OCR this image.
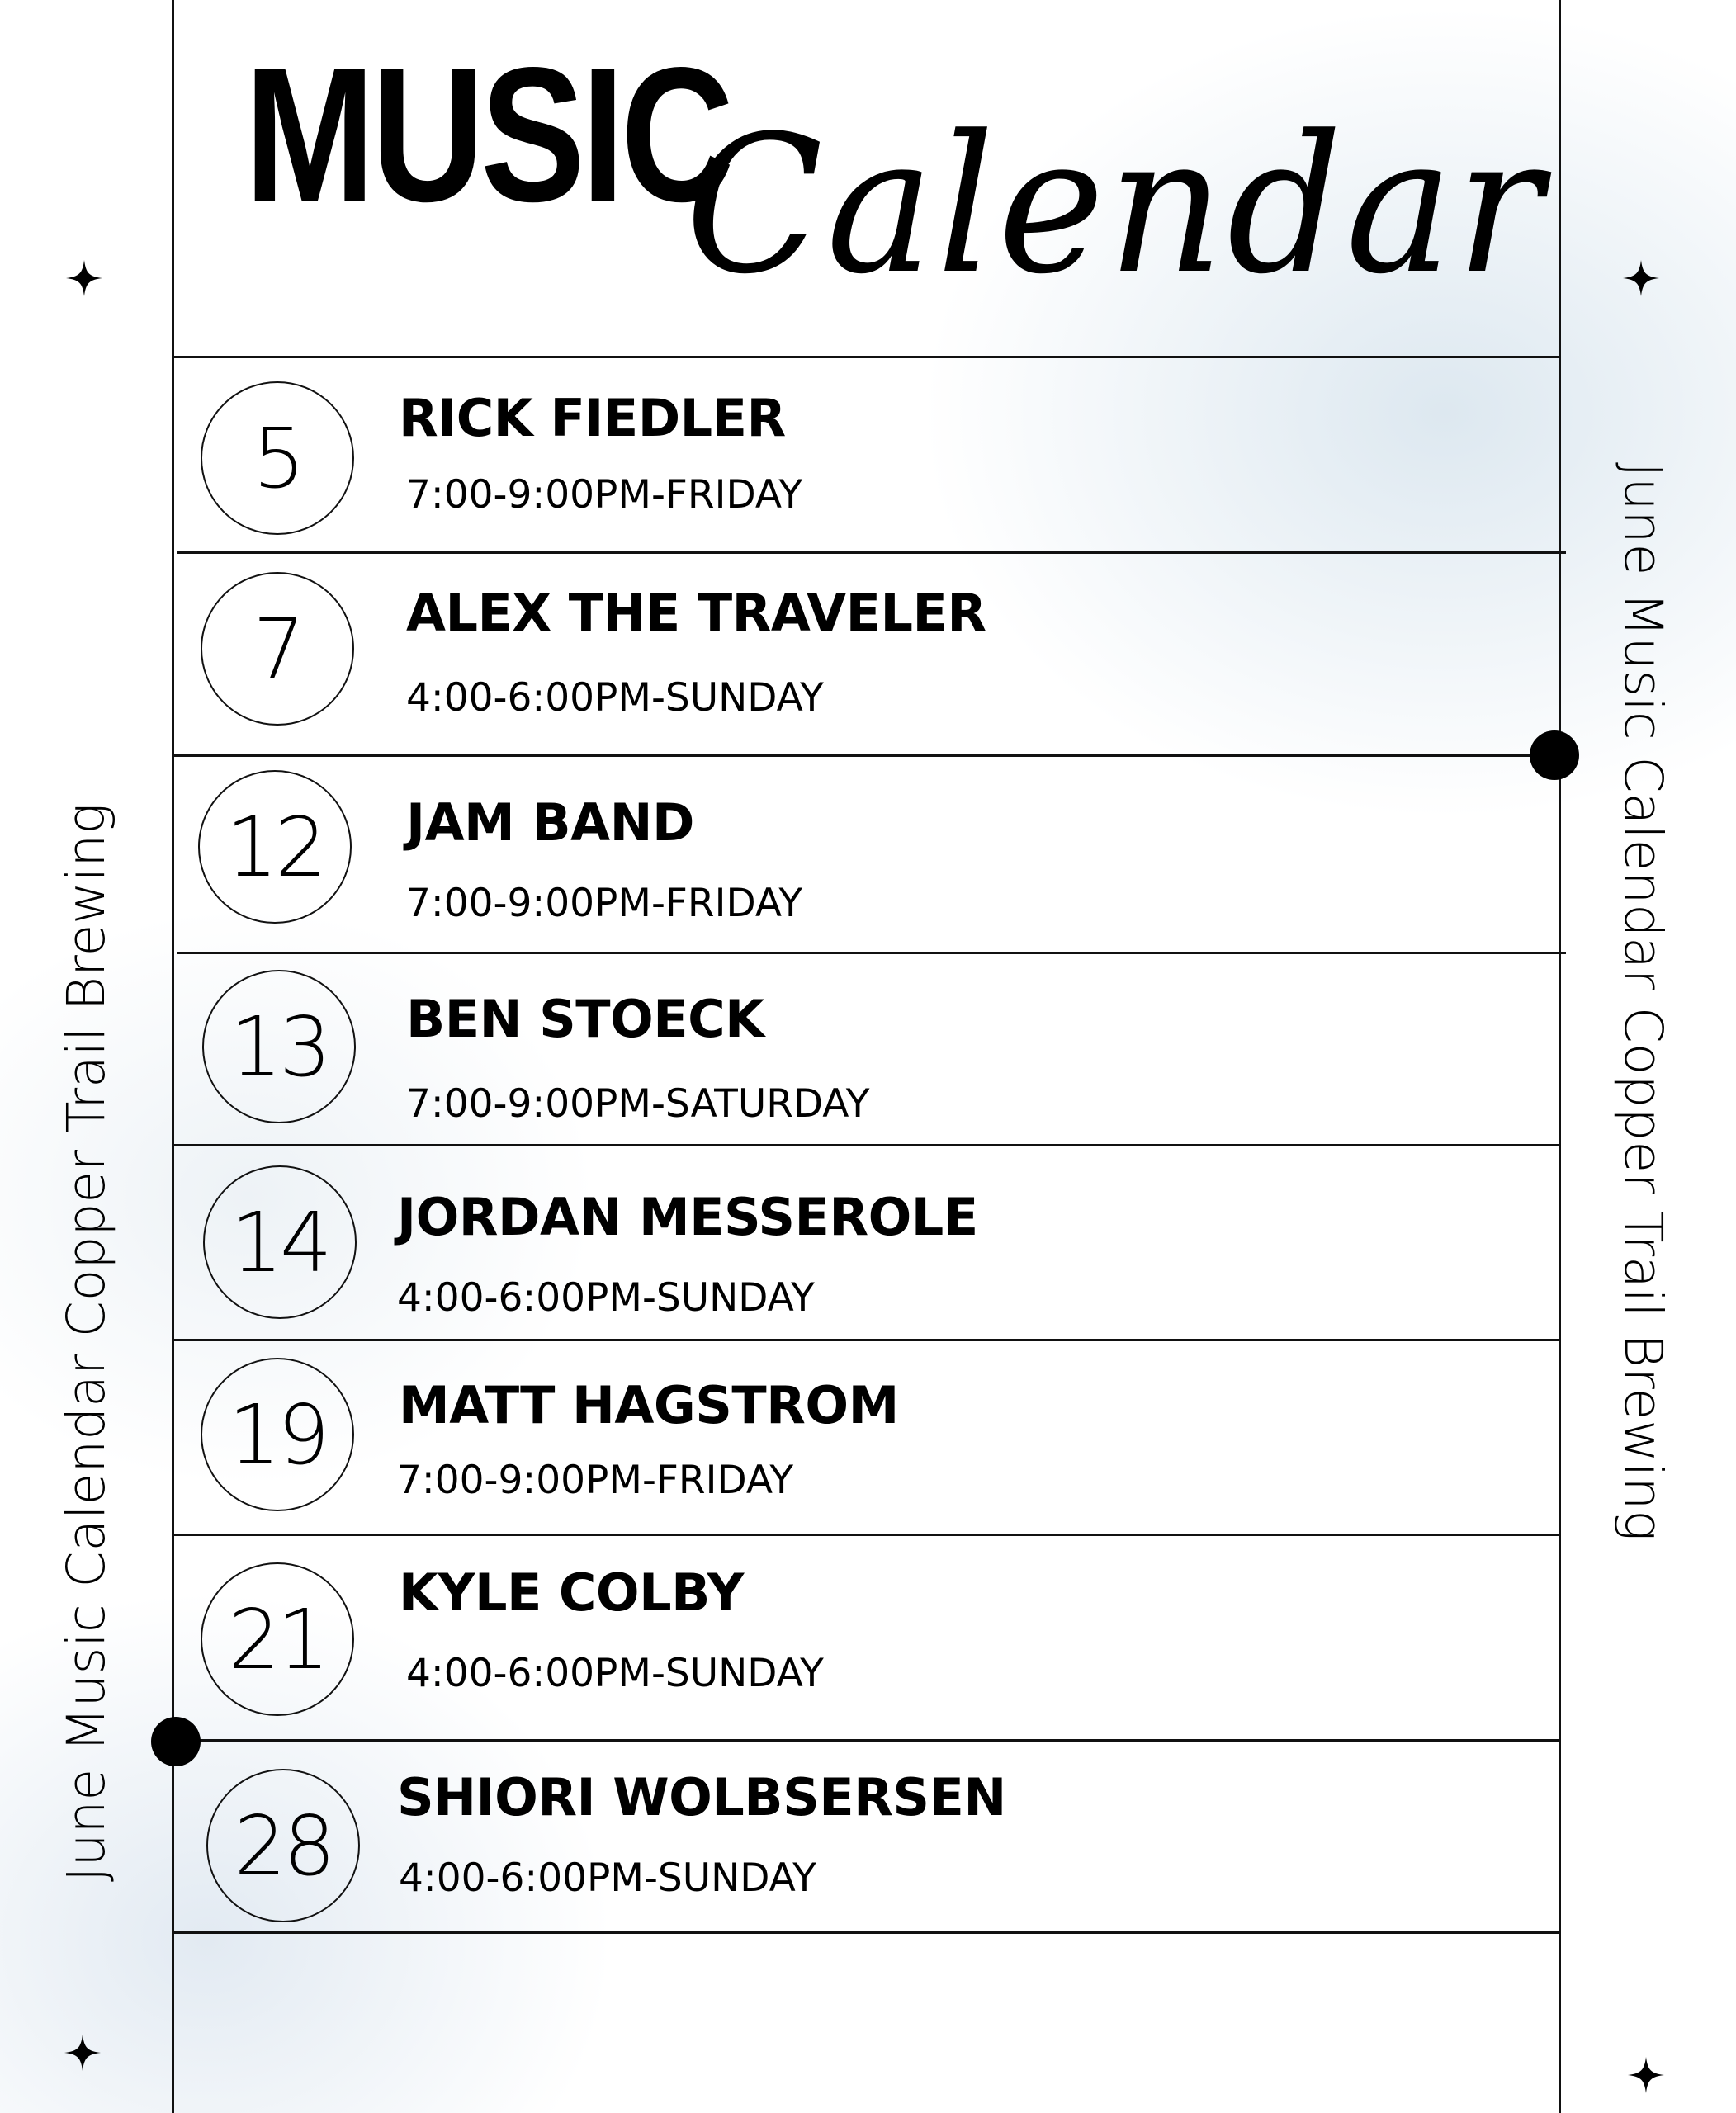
MUSIC
Calendar
June Music Calendar Copper Trail Brewing	June Music Calendar Copper Trail Brewing
5	RICK FIEDLER
7:00-9:00PM-FRIDAY
7	ALEX THE TRAVELER
4:00-6:00PM-SUNDAY
12	JAM BAND
7:00-9:00PM-FRIDAY
13	BEN STOECK
7:00-9:00PM-SATURDAY
14	JORDAN MESSEROLE
4:00-6:00PM-SUNDAY
19	MATT HAGSTROM
7:00-9:00PM-FRIDAY
21	KYLE COLBY
4:00-6:00PM-SUNDAY
28	SHIORI WOLBSERSEN
4:00-6:00PM-SUNDAY
